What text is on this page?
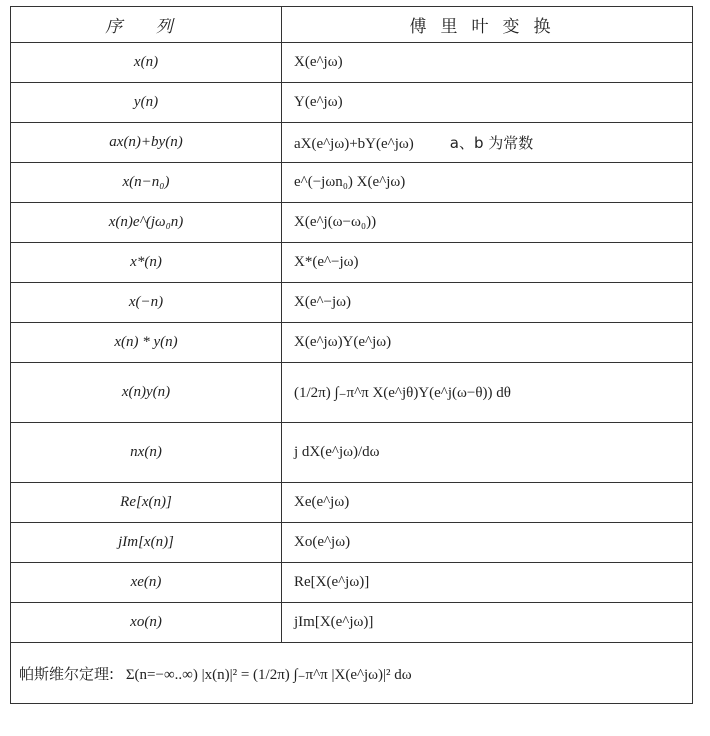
序 列	傅里叶变换
x(n)	X(e^jω)
y(n)	Y(e^jω)
ax(n)+by(n)	aX(e^jω)+bY(e^jω) a、b 为常数
x(n−n₀)	e^(−jωn₀) X(e^jω)
x(n)e^(jω₀n)	X(e^j(ω−ω₀))
x*(n)	X*(e^−jω)
x(−n)	X(e^−jω)
x(n) * y(n)	X(e^jω)Y(e^jω)
x(n)y(n)	(1/2π) ∫₋π^π X(e^jθ)Y(e^j(ω−θ)) dθ
nx(n)	j dX(e^jω)/dω
Re[x(n)]	Xe(e^jω)
jIm[x(n)]	Xo(e^jω)
xe(n)	Re[X(e^jω)]
xo(n)	jIm[X(e^jω)]
帕斯维尔定理: Σ(n=−∞..∞) |x(n)|² = (1/2π) ∫₋π^π |X(e^jω)|² dω	
